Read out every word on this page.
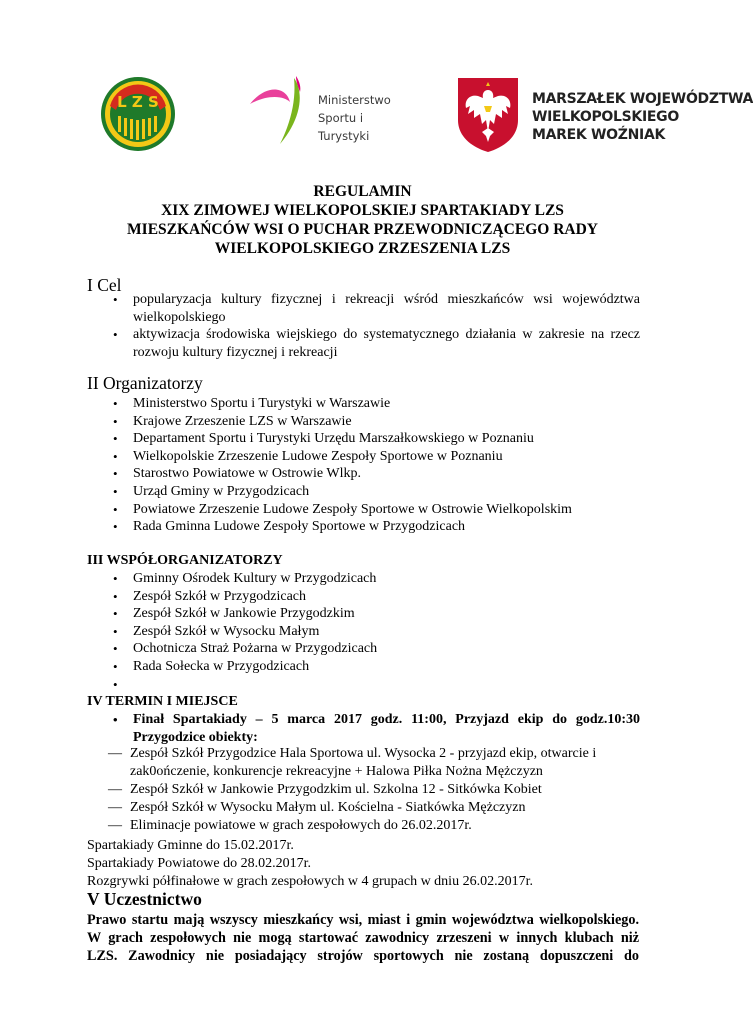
L Z S	Ministerstwo
Sportu i Turystyki
MARSZAŁEK WOJEWÓDZTWA
WIELKOPOLSKIEGO
MAREK WOŹNIAK
REGULAMIN
XIX ZIMOWEJ WIELKOPOLSKIEJ SPARTAKIADY LZS
MIESZKAŃCÓW WSI O PUCHAR PRZEWODNICZĄCEGO RADY
WIELKOPOLSKIEGO ZRZESZENIA LZS
I Cel
• popularyzacja kultury fizycznej i rekreacji wśród mieszkańców wsi województwa
wielkopolskiego
• aktywizacja środowiska wiejskiego do systematycznego działania w zakresie na rzecz
rozwoju kultury fizycznej i rekreacji
II Organizatorzy
• Ministerstwo Sportu i Turystyki w Warszawie
• Krajowe Zrzeszenie LZS w Warszawie
• Departament Sportu i Turystyki Urzędu Marszałkowskiego w Poznaniu
• Wielkopolskie Zrzeszenie Ludowe Zespoły Sportowe w Poznaniu
• Starostwo Powiatowe w Ostrowie Wlkp.
• Urząd Gminy w Przygodzicach
• Powiatowe Zrzeszenie Ludowe Zespoły Sportowe w Ostrowie Wielkopolskim
• Rada Gminna Ludowe Zespoły Sportowe w Przygodzicach
III WSPÓŁORGANIZATORZY
• Gminny Ośrodek Kultury w Przygodzicach
• Zespół Szkół w Przygodzicach
• Zespół Szkół w Jankowie Przygodzkim
• Zespół Szkół w Wysocku Małym
• Ochotnicza Straż Pożarna w Przygodzicach
• Rada Sołecka w Przygodzicach
•
IV TERMIN I MIEJSCE
• Finał Spartakiady – 5 marca 2017 godz. 11:00, Przyjazd ekip do godz.10:30
Przygodzice obiekty:
— Zespół Szkół Przygodzice Hala Sportowa ul. Wysocka 2 - przyjazd ekip, otwarcie i
zak0ończenie, konkurencje rekreacyjne + Halowa Piłka Nożna Mężczyzn
— Zespół Szkół w Jankowie Przygodzkim ul. Szkolna 12 - Sitkówka Kobiet
— Zespół Szkół w Wysocku Małym ul. Kościelna - Siatkówka Mężczyzn
— Eliminacje powiatowe w grach zespołowych do 26.02.2017r.
Spartakiady Gminne do 15.02.2017r.
Spartakiady Powiatowe do 28.02.2017r.
Rozgrywki półfinałowe w grach zespołowych w 4 grupach w dniu 26.02.2017r.
V Uczestnictwo
Prawo startu mają wszyscy mieszkańcy wsi, miast i gmin województwa wielkopolskiego.
W grach zespołowych nie mogą startować zawodnicy zrzeszeni w innych klubach niż
LZS. Zawodnicy nie posiadający strojów sportowych nie zostaną dopuszczeni do
